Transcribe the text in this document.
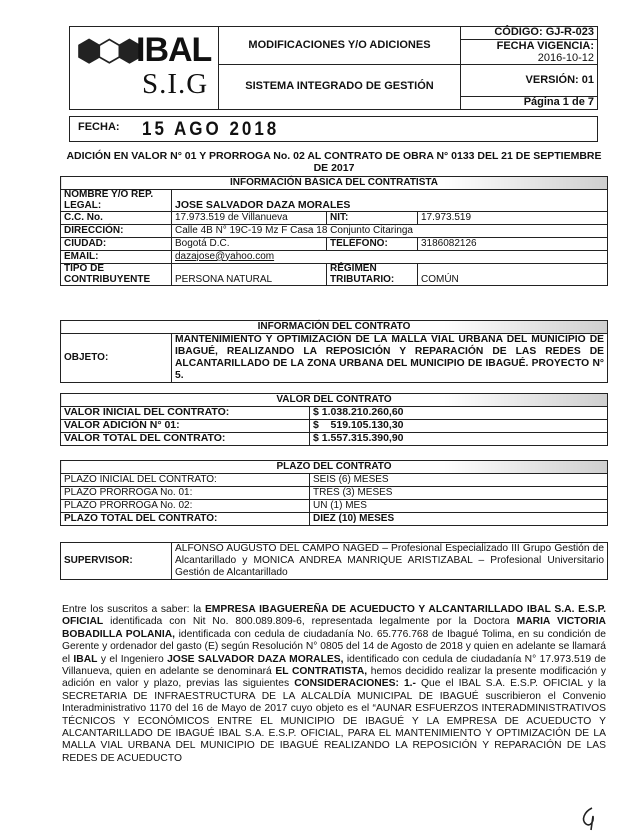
⬢⬡⬢ IBAL
S.I.G	MODIFICACIONES Y/O ADICIONES	CÓDIGO: GJ-R-023
		FECHA VIGENCIA:
2016-10-12
	SISTEMA INTEGRADO DE GESTIÓN	VERSIÓN: 01
		Página 1 de 7
FECHA: 15 AGO 2018
ADICIÓN EN VALOR N° 01 Y PRORROGA No. 02 AL CONTRATO DE OBRA N° 0133 DEL 21 DE SEPTIEMBRE DE 2017
INFORMACIÓN BÁSICA DEL CONTRATISTA			
NOMBRE Y/O REP. LEGAL:	JOSE SALVADOR DAZA MORALES		
C.C. No.	17.973.519 de Villanueva	NIT:	17.973.519
DIRECCIÓN:	Calle 4B N° 19C-19 Mz F Casa 18 Conjunto Citaringa		
CIUDAD:	Bogotá D.C.	TELÉFONO:	3186082126
EMAIL:	dazajose@yahoo.com		
TIPO DE CONTRIBUYENTE	PERSONA NATURAL	RÉGIMEN TRIBUTARIO:	COMÚN
INFORMACIÓN DEL CONTRATO
OBJETO:	MANTENIMIENTO Y OPTIMIZACIÓN DE LA MALLA VIAL URBANA DEL MUNICIPIO DE IBAGUÉ, REALIZANDO LA REPOSICIÓN Y REPARACIÓN DE LAS REDES DE ALCANTARILLADO DE LA ZONA URBANA DEL MUNICIPIO DE IBAGUÉ. PROYECTO N° 5.
VALOR DEL CONTRATO	
VALOR INICIAL DEL CONTRATO:	$ 1.038.210.260,60
VALOR ADICIÓN N° 01:	$    519.105.130,30
VALOR TOTAL DEL CONTRATO:	$ 1.557.315.390,90
PLAZO DEL CONTRATO	
PLAZO INICIAL DEL CONTRATO:	SEIS (6) MESES
PLAZO PRORROGA No. 01:	TRES (3) MESES
PLAZO PRORROGA No. 02:	UN (1) MES
PLAZO TOTAL DEL CONTRATO:	DIEZ (10) MESES
SUPERVISOR:	ALFONSO AUGUSTO DEL CAMPO NAGED – Profesional Especializado III Grupo Gestión de Alcantarillado y MONICA ANDREA MANRIQUE ARISTIZABAL – Profesional Universitario Gestión de Alcantarillado
Entre los suscritos a saber: la EMPRESA IBAGUEREÑA DE ACUEDUCTO Y ALCANTARILLADO IBAL S.A. E.S.P. OFICIAL identificada con Nit No. 800.089.809-6, representada legalmente por la Doctora MARIA VICTORIA BOBADILLA POLANIA, identificada con cedula de ciudadanía No. 65.776.768 de Ibagué Tolima, en su condición de Gerente y ordenador del gasto (E) según Resolución N° 0805 del 14 de Agosto de 2018 y quien en adelante se llamará el IBAL y el Ingeniero JOSE SALVADOR DAZA MORALES, identificado con cedula de ciudadanía N° 17.973.519 de Villanueva, quien en adelante se denominará EL CONTRATISTA, hemos decidido realizar la presente modificación y adición en valor y plazo, previas las siguientes CONSIDERACIONES: 1.- Que el IBAL S.A. E.S.P. OFICIAL y la SECRETARIA DE INFRAESTRUCTURA DE LA ALCALDÍA MUNICIPAL DE IBAGUÉ suscribieron el Convenio Interadministrativo 1170 del 16 de Mayo de 2017 cuyo objeto es el “AUNAR ESFUERZOS INTERADMINISTRATIVOS TÉCNICOS Y ECONÓMICOS ENTRE EL MUNICIPIO DE IBAGUÉ Y LA EMPRESA DE ACUEDUCTO Y ALCANTARILLADO DE IBAGUÉ IBAL S.A. E.S.P. OFICIAL, PARA EL MANTENIMIENTO Y OPTIMIZACIÓN DE LA MALLA VIAL URBANA DEL MUNICIPIO DE IBAGUÉ REALIZANDO LA REPOSICIÓN Y REPARACIÓN DE LAS REDES DE ACUEDUCTO
